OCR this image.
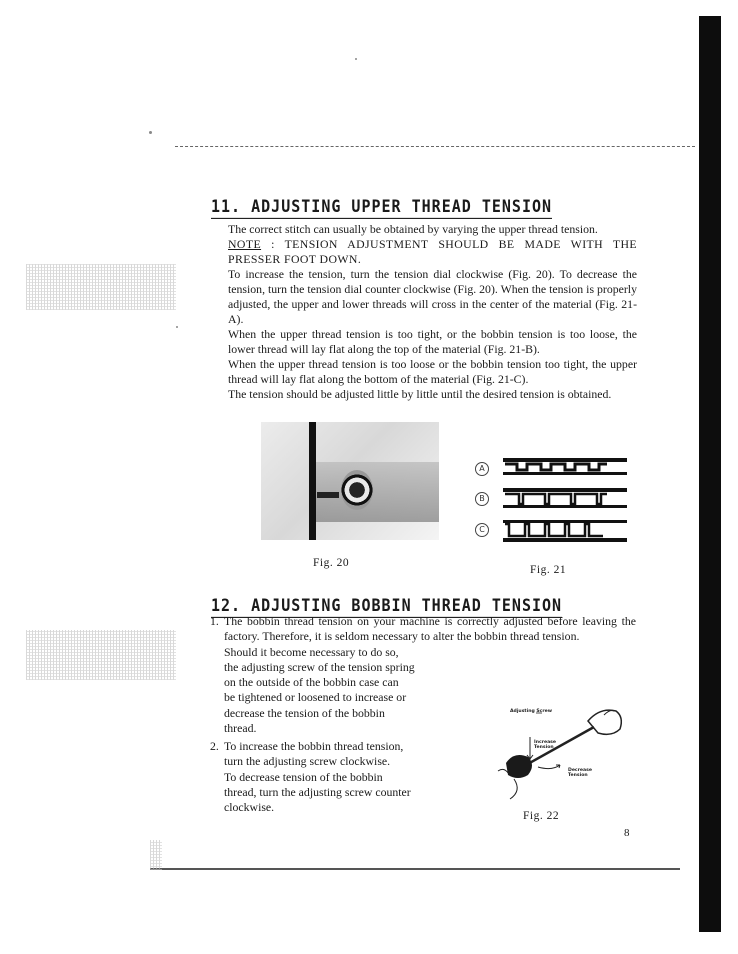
11. ADJUSTING UPPER THREAD TENSION

The correct stitch can usually be obtained by varying the upper thread tension.

NOTE : TENSION ADJUSTMENT SHOULD BE MADE WITH THE PRESSER FOOT DOWN.

To increase the tension, turn the tension dial clockwise (Fig. 20). To decrease the tension, turn the tension dial counter clockwise (Fig. 20). When the tension is properly adjusted, the upper and lower threads will cross in the center of the material (Fig. 21-A).

When the upper thread tension is too tight, or the bobbin tension is too loose, the lower thread will lay flat along the top of the material (Fig. 21-B).

When the upper thread tension is too loose or the bobbin tension too tight, the upper thread will lay flat along the bottom of the material (Fig. 21-C).

The tension should be adjusted little by little until the desired tension is obtained.

Fig. 20

A
B
C

Fig. 21

12. ADJUSTING BOBBIN THREAD TENSION
1. The bobbin thread tension on your machine is correctly adjusted before leaving the factory. Therefore, it is seldom necessary to alter the bobbin thread tension.

Should it become necessary to do so,
the adjusting screw of the tension spring
on the outside of the bobbin case can
be tightened or loosened to increase or
decrease the tension of the bobbin
thread.
2. To increase the bobbin thread tension,
turn the adjusting screw clockwise.
To decrease tension of the bobbin
thread, turn the adjusting screw counter
clockwise.

Adjusting Screw

Increase

Tension

Decrease

Tension

Fig. 22

8
